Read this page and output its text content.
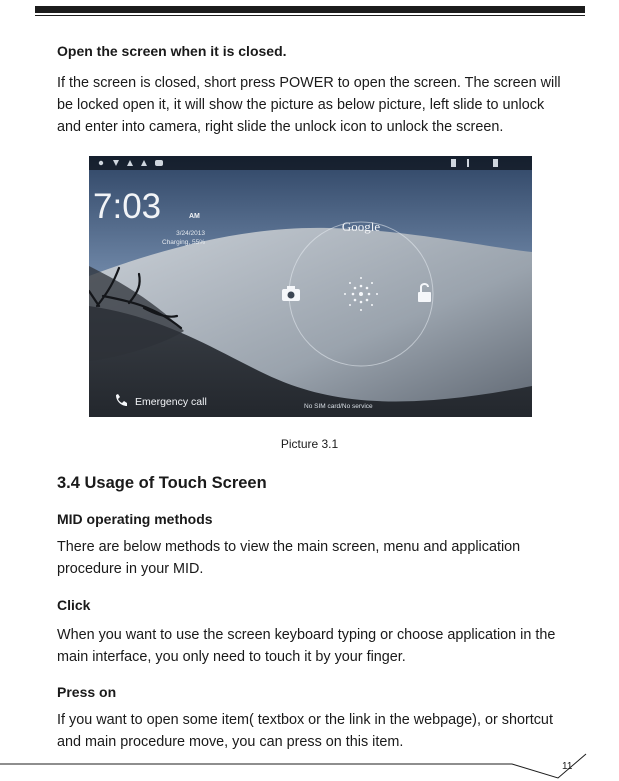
Open the screen when it is closed.
If the screen is closed, short press POWER to open the screen. The screen will be locked open it, it will show the picture as below picture, left slide to unlock and enter into camera, right slide the unlock icon to unlock the screen.
7:03	AM
3/24/2013
Charging, 55%
Google
Emergency call	No SIM card/No service
Picture 3.1
3.4 Usage of Touch Screen
MID operating methods
There are below methods to view the main screen, menu and application procedure in your MID.
Click
When you want to use the screen keyboard typing or choose application in the main interface, you only need to touch it by your finger.
Press on
If you want to open some item( textbox or the link in the webpage), or shortcut and main procedure move, you can press on this item.
11
